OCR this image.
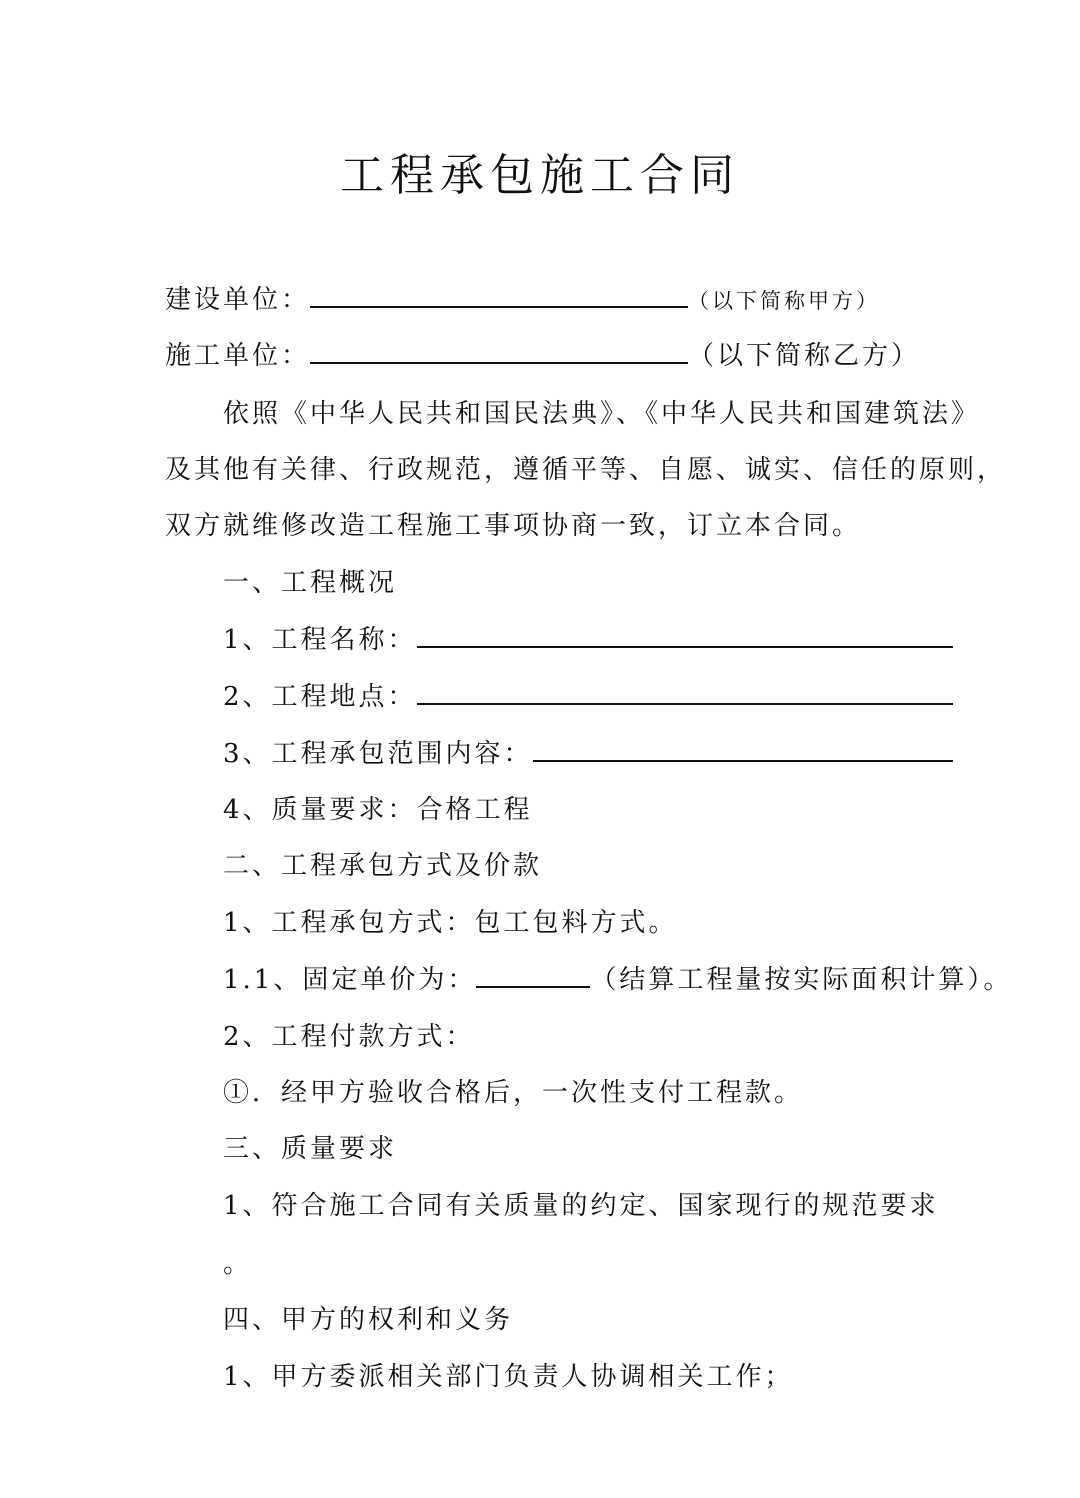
工程承包施工合同
建设单位：	（以下简称甲方）
施工单位：	（以下简称乙方）
依照《中华人民共和国民法典》、《中华人民共和国建筑法》
及其他有关律、行政规范，遵循平等、自愿、诚实、信任的原则，
双方就维修改造工程施工事项协商一致，订立本合同。
一、工程概况
1、工程名称：
2、工程地点：
3、工程承包范围内容：
4、质量要求：合格工程
二、工程承包方式及价款
1、工程承包方式：包工包料方式。
1.1、固定单价为：	（结算工程量按实际面积计算）。
2、工程付款方式：
①．经甲方验收合格后，一次性支付工程款。
三、质量要求
1、符合施工合同有关质量的约定、国家现行的规范要求
。
四、甲方的权利和义务
1、甲方委派相关部门负责人协调相关工作；
